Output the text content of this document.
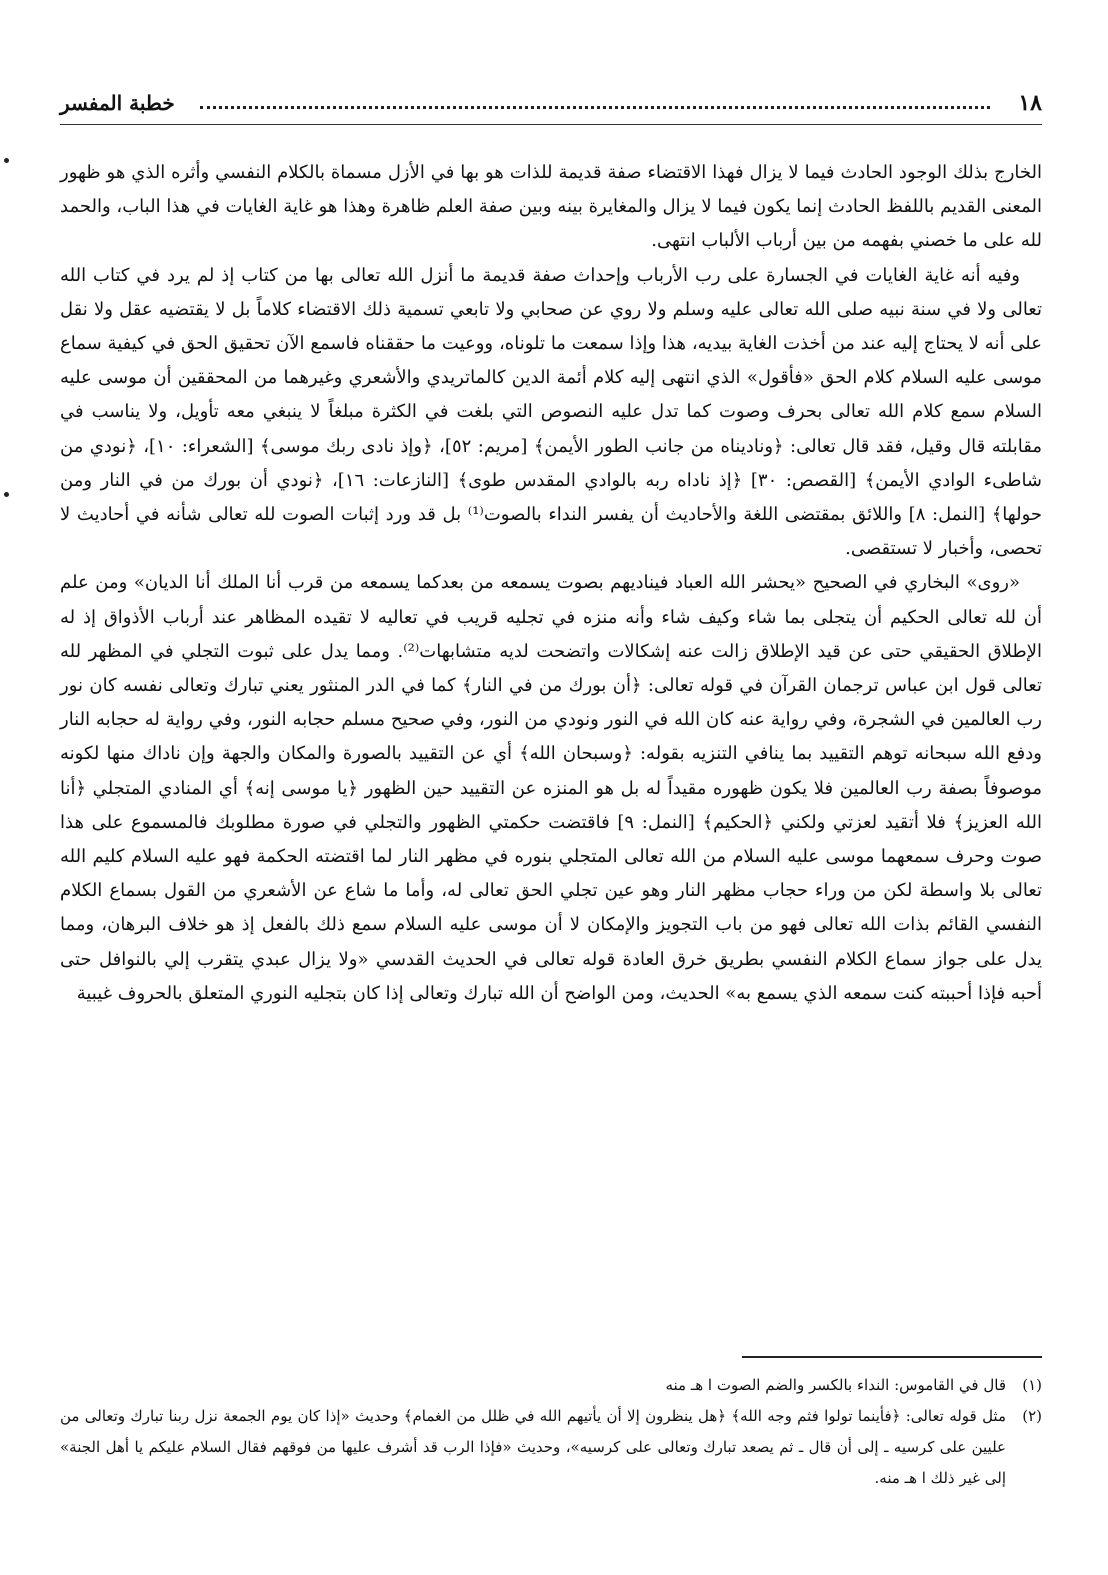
١٨
خطبة المفسر

الخارج بذلك الوجود الحادث فيما لا يزال فهذا الاقتضاء صفة قديمة للذات هو بها في الأزل مسماة بالكلام النفسي وأثره الذي هو ظهور المعنى القديم باللفظ الحادث إنما يكون فيما لا يزال والمغايرة بينه وبين صفة العلم ظاهرة وهذا هو غاية الغايات في هذا الباب، والحمد لله على ما خصني بفهمه من بين أرباب الألباب انتهى.

وفيه أنه غاية الغايات في الجسارة على رب الأرباب وإحداث صفة قديمة ما أنزل الله تعالى بها من كتاب إذ لم يرد في كتاب الله تعالى ولا في سنة نبيه صلى الله تعالى عليه وسلم ولا روي عن صحابي ولا تابعي تسمية ذلك الاقتضاء كلاماً بل لا يقتضيه عقل ولا نقل على أنه لا يحتاج إليه عند من أخذت الغاية بيديه، هذا وإذا سمعت ما تلوناه، ووعيت ما حققناه فاسمع الآن تحقيق الحق في كيفية سماع موسى عليه السلام كلام الحق «فأقول» الذي انتهى إليه كلام أئمة الدين كالماتريدي والأشعري وغيرهما من المحققين أن موسى عليه السلام سمع كلام الله تعالى بحرف وصوت كما تدل عليه النصوص التي بلغت في الكثرة مبلغاً لا ينبغي معه تأويل، ولا يناسب في مقابلته قال وقيل، فقد قال تعالى: ﴿وناديناه من جانب الطور الأيمن﴾ [مريم: ٥٢]، ﴿وإذ نادى ربك موسى﴾ [الشعراء: ١٠]، ﴿نودي من شاطىء الوادي الأيمن﴾ [القصص: ٣٠] ﴿إذ ناداه ربه بالوادي المقدس طوى﴾ [النازعات: ١٦]، ﴿نودي أن بورك من في النار ومن حولها﴾ [النمل: ٨] واللائق بمقتضى اللغة والأحاديث أن يفسر النداء بالصوت⁽¹⁾ بل قد ورد إثبات الصوت لله تعالى شأنه في أحاديث لا تحصى، وأخبار لا تستقصى.

«روى» البخاري في الصحيح «يحشر الله العباد فيناديهم بصوت يسمعه من بعدكما يسمعه من قرب أنا الملك أنا الديان» ومن علم أن لله تعالى الحكيم أن يتجلى بما شاء وكيف شاء وأنه منزه في تجليه قريب في تعاليه لا تقيده المظاهر عند أرباب الأذواق إذ له الإطلاق الحقيقي حتى عن قيد الإطلاق زالت عنه إشكالات واتضحت لديه متشابهات⁽²⁾. ومما يدل على ثبوت التجلي في المظهر لله تعالى قول ابن عباس ترجمان القرآن في قوله تعالى: ﴿أن بورك من في النار﴾ كما في الدر المنثور يعني تبارك وتعالى نفسه كان نور رب العالمين في الشجرة، وفي رواية عنه كان الله في النور ونودي من النور، وفي صحيح مسلم حجابه النور، وفي رواية له حجابه النار ودفع الله سبحانه توهم التقييد بما ينافي التنزيه بقوله: ﴿وسبحان الله﴾ أي عن التقييد بالصورة والمكان والجهة وإن ناداك منها لكونه موصوفاً بصفة رب العالمين فلا يكون ظهوره مقيداً له بل هو المنزه عن التقييد حين الظهور ﴿يا موسى إنه﴾ أي المنادي المتجلي ﴿أنا الله العزيز﴾ فلا أتقيد لعزتي ولكني ﴿الحكيم﴾ [النمل: ٩] فاقتضت حكمتي الظهور والتجلي في صورة مطلوبك فالمسموع على هذا صوت وحرف سمعهما موسى عليه السلام من الله تعالى المتجلي بنوره في مظهر النار لما اقتضته الحكمة فهو عليه السلام كليم الله تعالى بلا واسطة لكن من وراء حجاب مظهر النار وهو عين تجلي الحق تعالى له، وأما ما شاع عن الأشعري من القول بسماع الكلام النفسي القائم بذات الله تعالى فهو من باب التجويز والإمكان لا أن موسى عليه السلام سمع ذلك بالفعل إذ هو خلاف البرهان، ومما يدل على جواز سماع الكلام النفسي بطريق خرق العادة قوله تعالى في الحديث القدسي «ولا يزال عبدي يتقرب إلي بالنوافل حتى أحبه فإذا أحببته كنت سمعه الذي يسمع به» الحديث، ومن الواضح أن الله تبارك وتعالى إذا كان بتجليه النوري المتعلق بالحروف غيبية

(١)
قال في القاموس: النداء بالكسر والضم الصوت ا هـ منه
(٢)
مثل قوله تعالى: ﴿فأينما تولوا فثم وجه الله﴾ ﴿هل ينظرون إلا أن يأتيهم الله في ظلل من الغمام﴾ وحديث «إذا كان يوم الجمعة نزل ربنا تبارك وتعالى من عليين على كرسيه ـ إلى أن قال ـ ثم يصعد تبارك وتعالى على كرسيه»، وحديث «فإذا الرب قد أشرف عليها من فوقهم فقال السلام عليكم يا أهل الجنة» إلى غير ذلك ا هـ منه.
